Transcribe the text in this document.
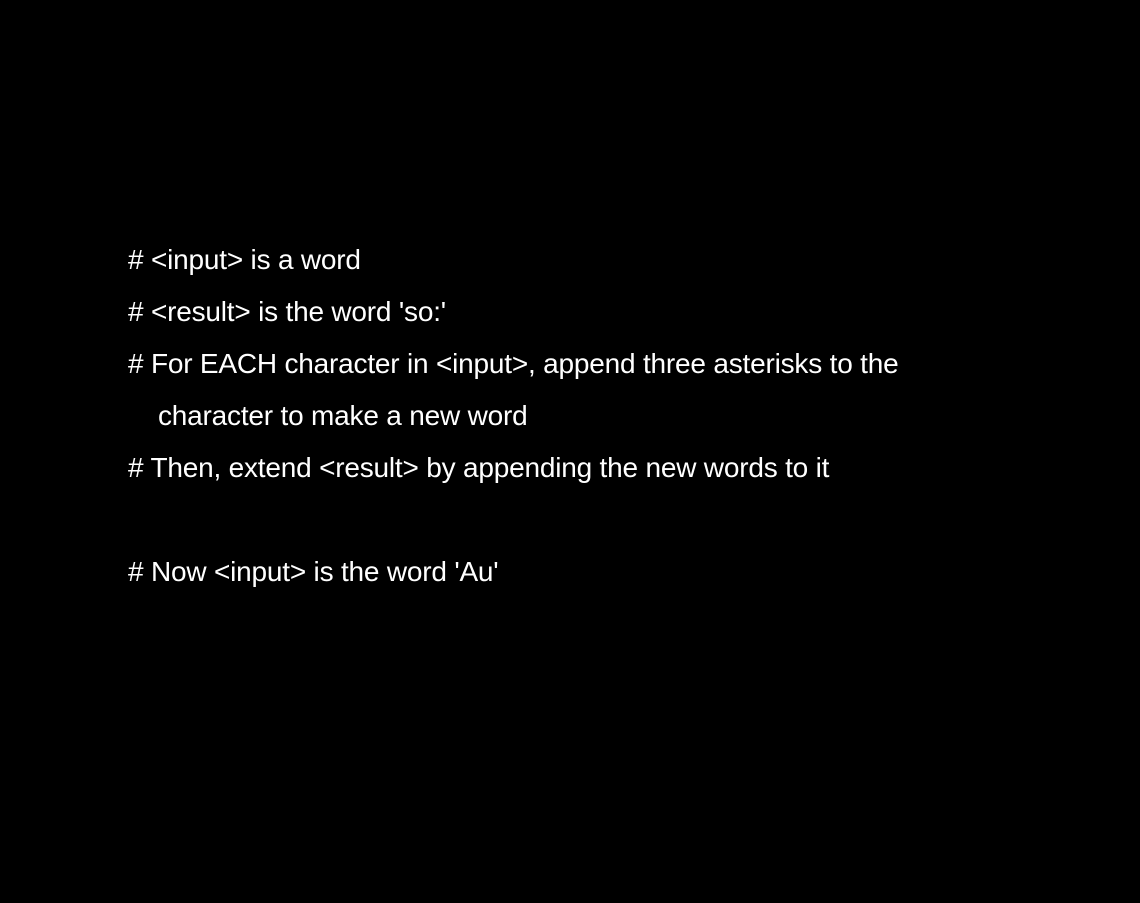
# <input> is a word
# <result> is the word 'so:'
# For EACH character in <input>, append three asterisks to the
character to make a new word
# Then, extend <result> by appending the new words to it
# Now <input> is the word 'Au'
